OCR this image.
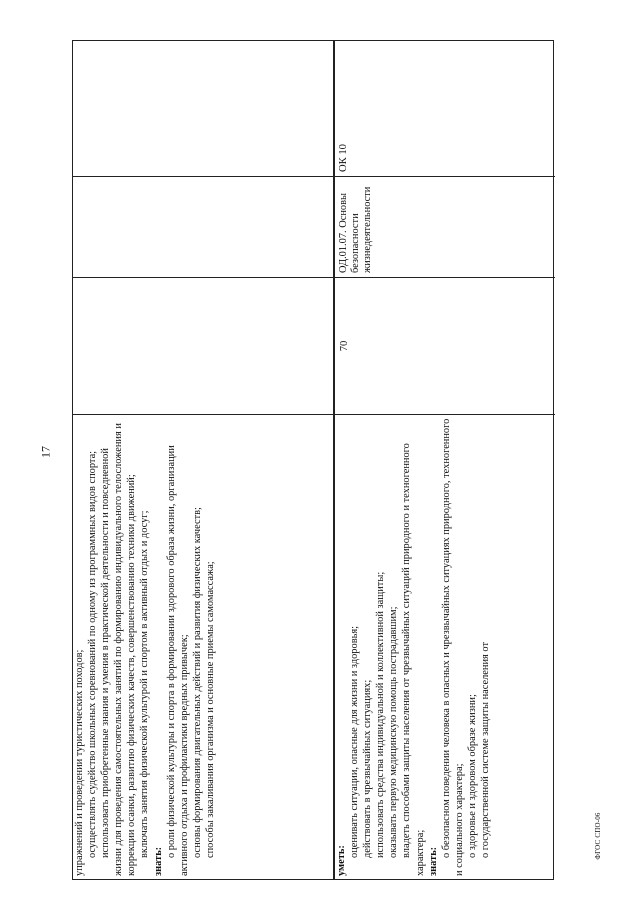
17

упражнений и проведении туристических походов; осуществлять судейство школьных соревнований по одному из программных видов спорта; использовать приобретенные знания и умения в практической деятельности и повседневной жизни для проведения самостоятельных занятий по формированию индивидуального телосложения и коррекции осанки, развитию физических качеств, совершенствованию техники движений; включать занятия физической культурой и спортом в активный отдых и досуг;

знать:

о роли физической культуры и спорта в формировании здорового образа жизни, организации активного отдыха и профилактики вредных привычек; основы формирования двигательных действий и развития физических качеств; способы закаливания организма и основные приемы самомассажа;

уметь:

оценивать ситуации, опасные для жизни и здоровья; действовать в чрезвычайных ситуациях; использовать средства индивидуальной и коллективной защиты; оказывать первую медицинскую помощь пострадавшим; владеть способами защиты населения от чрезвычайных ситуаций природного и техногенного характера; знать:

о безопасном поведении человека в опасных и чрезвычайных ситуациях природного, техногенного и социального характера; о здоровье и здоровом образе жизни; о государственной системе защиты населения от

70
ОД.01.07. Основы безопасности жизнедеятельности
ОК 10
ФГОС СПО-06
